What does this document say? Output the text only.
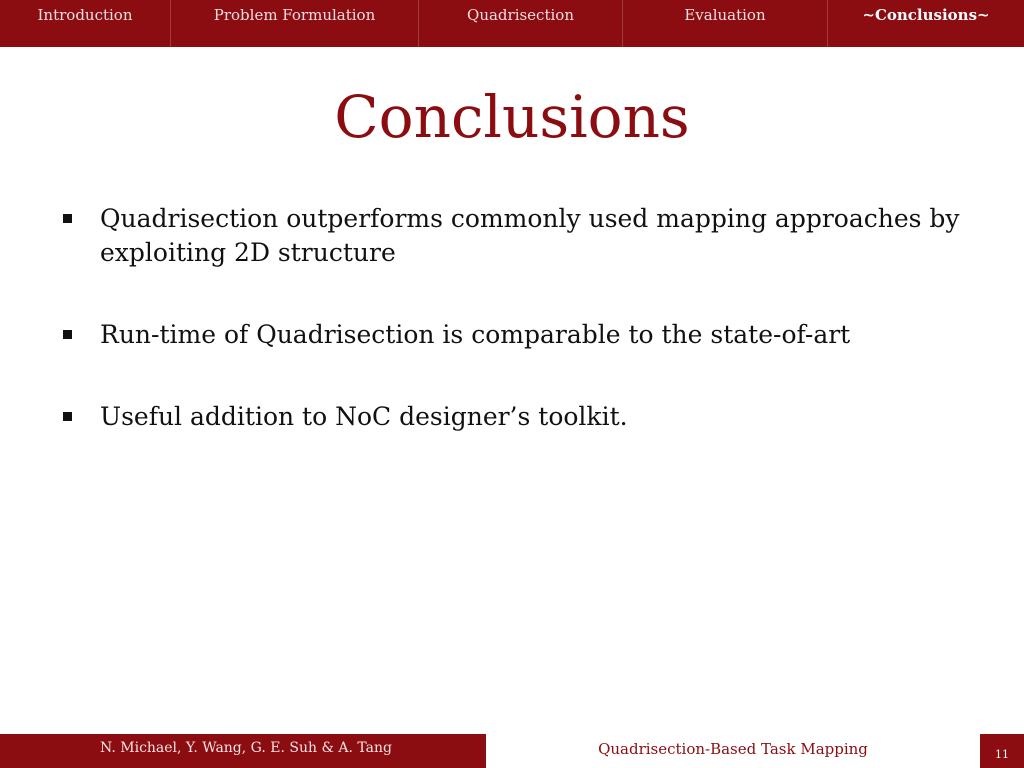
Introduction	Problem Formulation	Quadrisection	Evaluation	~Conclusions~
Conclusions
Quadrisection outperforms commonly used mapping approaches by exploiting 2D structure
Run-time of Quadrisection is comparable to the state-of-art
Useful addition to NoC designer’s toolkit.
N. Michael, Y. Wang, G. E. Suh & A. Tang	Quadrisection-Based Task Mapping	11
